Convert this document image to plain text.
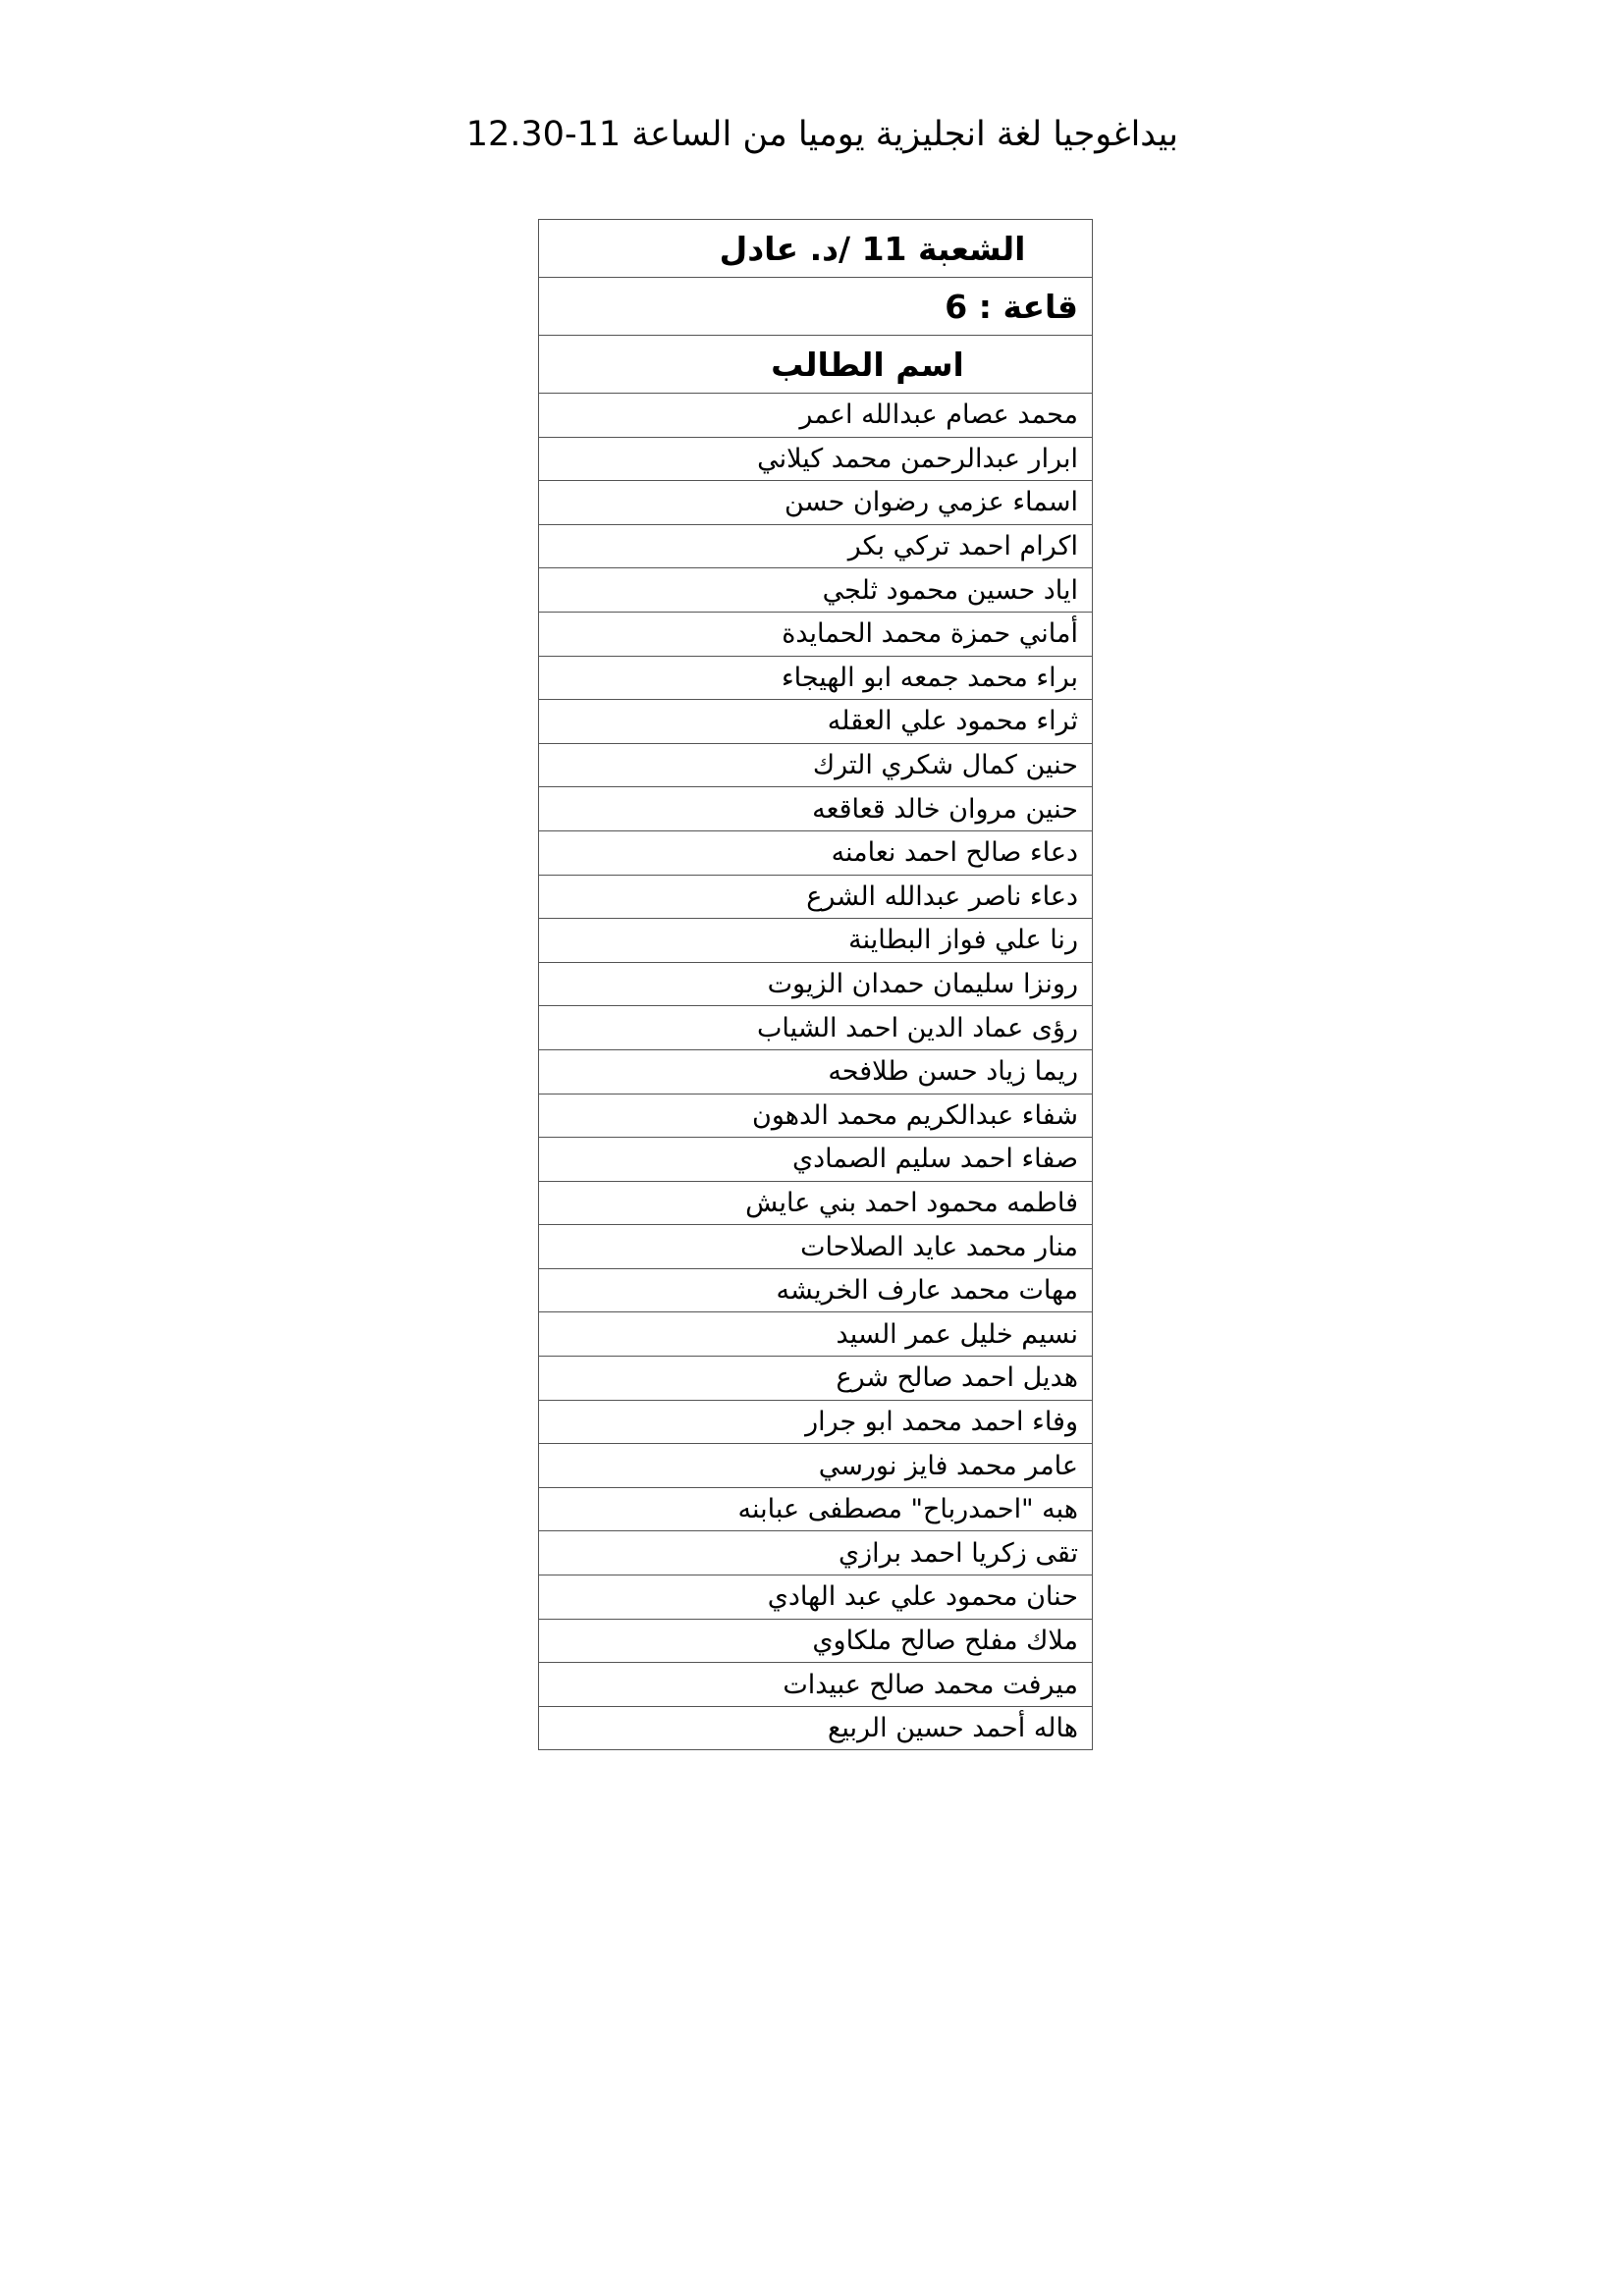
بيداغوجيا لغة انجليزية يوميا من الساعة 11-12.30
الشعبة 11 /د. عادل
قاعة : 6
اسم الطالب
محمد عصام عبدالله اعمر
ابرار عبدالرحمن محمد كيلاني
اسماء عزمي رضوان حسن
اكرام احمد تركي بكر
اياد حسين محمود ثلجي
أماني حمزة محمد الحمايدة
براء محمد جمعه ابو الهيجاء
ثراء محمود علي العقله
حنين كمال شكري الترك
حنين مروان خالد قعاقعه
دعاء صالح احمد نعامنه
دعاء ناصر عبدالله الشرع
رنا علي فواز البطاينة
رونزا سليمان حمدان الزيوت
رؤى عماد الدين احمد الشياب
ريما زياد حسن طلافحه
شفاء عبدالكريم محمد الدهون
صفاء احمد سليم الصمادي
فاطمه محمود احمد بني عايش
منار محمد عايد الصلاحات
مهات محمد عارف الخريشه
نسيم خليل عمر السيد
هديل احمد صالح شرع
وفاء احمد محمد ابو جرار
عامر محمد فايز نورسي
هبه "احمدرباح" مصطفى عبابنه
تقى زكريا احمد برازي
حنان محمود علي عبد الهادي
ملاك مفلح صالح ملكاوي
ميرفت محمد صالح عبيدات
هاله أحمد حسين الربيع
